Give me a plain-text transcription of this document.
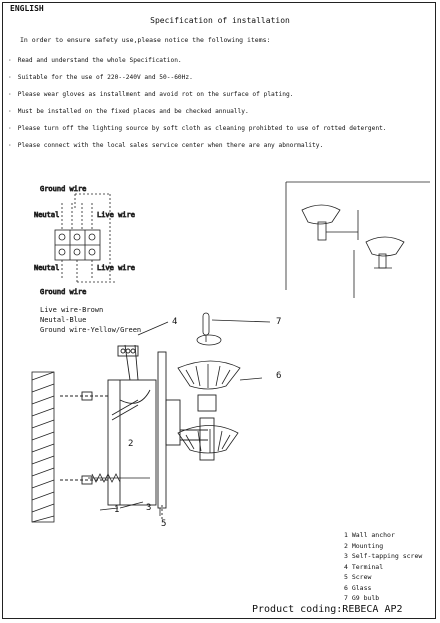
ENGLISH
Specification of installation
In order to ensure safety use,please notice the following items:
· Read and understand the whole Specification.
· Suitable for the use of 220--240V and 50--60Hz.
· Please wear gloves as installment and avoid rot on the surface of plating.
· Must be installed on the fixed places and be checked annually.
· Please turn off the lighting source by soft cloth as cleaning prohibted to use of rotted detergent.
· Please connect with the local sales service center when there are any abnormality.
Ground wire
Neutal	Live wire
Neutal	Live wire
Ground wire
Live wire-Brown
Neutal-Blue
Ground wire-Yellow/Green
1
2
3
4
5
6
7
1 Wall anchor
2 Mounting
3 Self-tapping screw
4 Terminal
5 Screw
6 Glass
7 G9 bulb
Product coding:REBECA AP2
